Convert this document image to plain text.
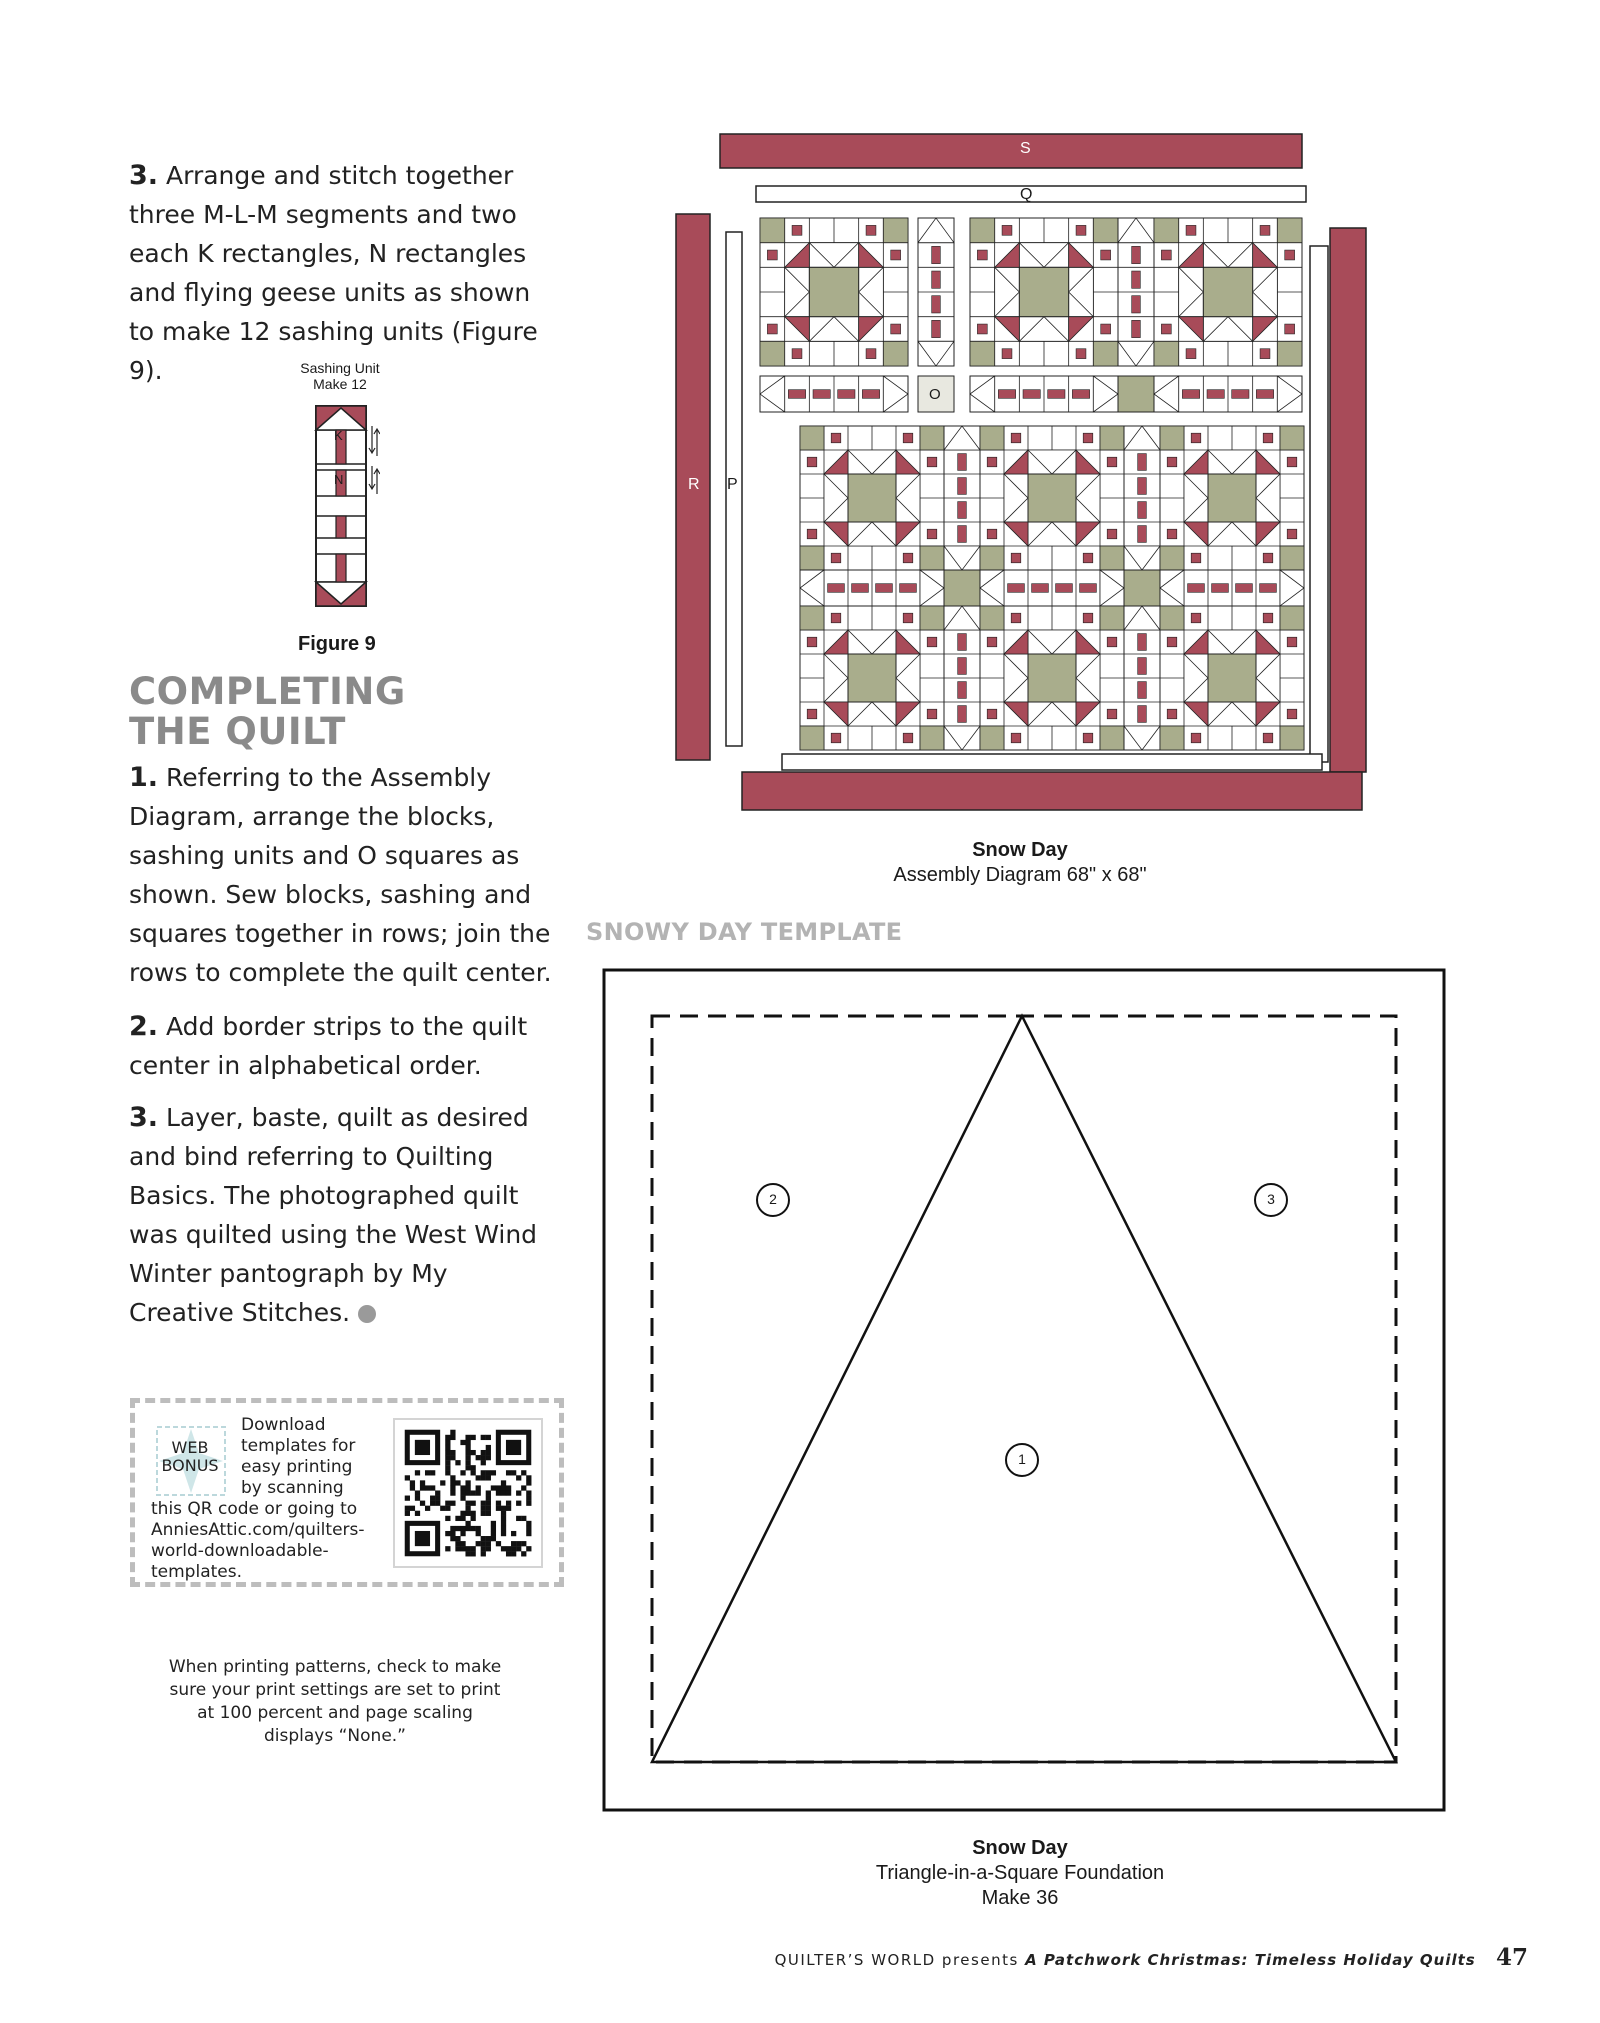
3. Arrange and stitch together three M-L-M segments and two each K rectangles, N rectangles and flying geese units as shown to make 12 sashing units (Figure 9).	Sashing Unit
Make 12
K
N
Figure 9
COMPLETING
THE QUILT
1. Referring to the Assembly Diagram, arrange the blocks, sashing units and O squares as shown. Sew blocks, sashing and squares together in rows; join the rows to complete the quilt center.
2. Add border strips to the quilt center in alphabetical order.
3. Layer, baste, quilt as desired and bind referring to Quilting Basics. The photographed quilt was quilted using the West Wind Winter pantograph by My Creative Stitches.
WEB
BONUS
Download
templates for
easy printing
by scanning
this QR code or going to
AnniesAttic.com/quilters-
world-downloadable-
templates.
When printing patterns, check to make sure your print settings are set to print at 100 percent and page scaling displays “None.”
S
Q
R P
O
Snow Day
Assembly Diagram 68" x 68"
SNOWY DAY TEMPLATE
2	3
1
Snow Day
Triangle-in-a-Square Foundation
Make 36
QUILTER’S WORLD presents A Patchwork Christmas: Timeless Holiday Quilts 47
